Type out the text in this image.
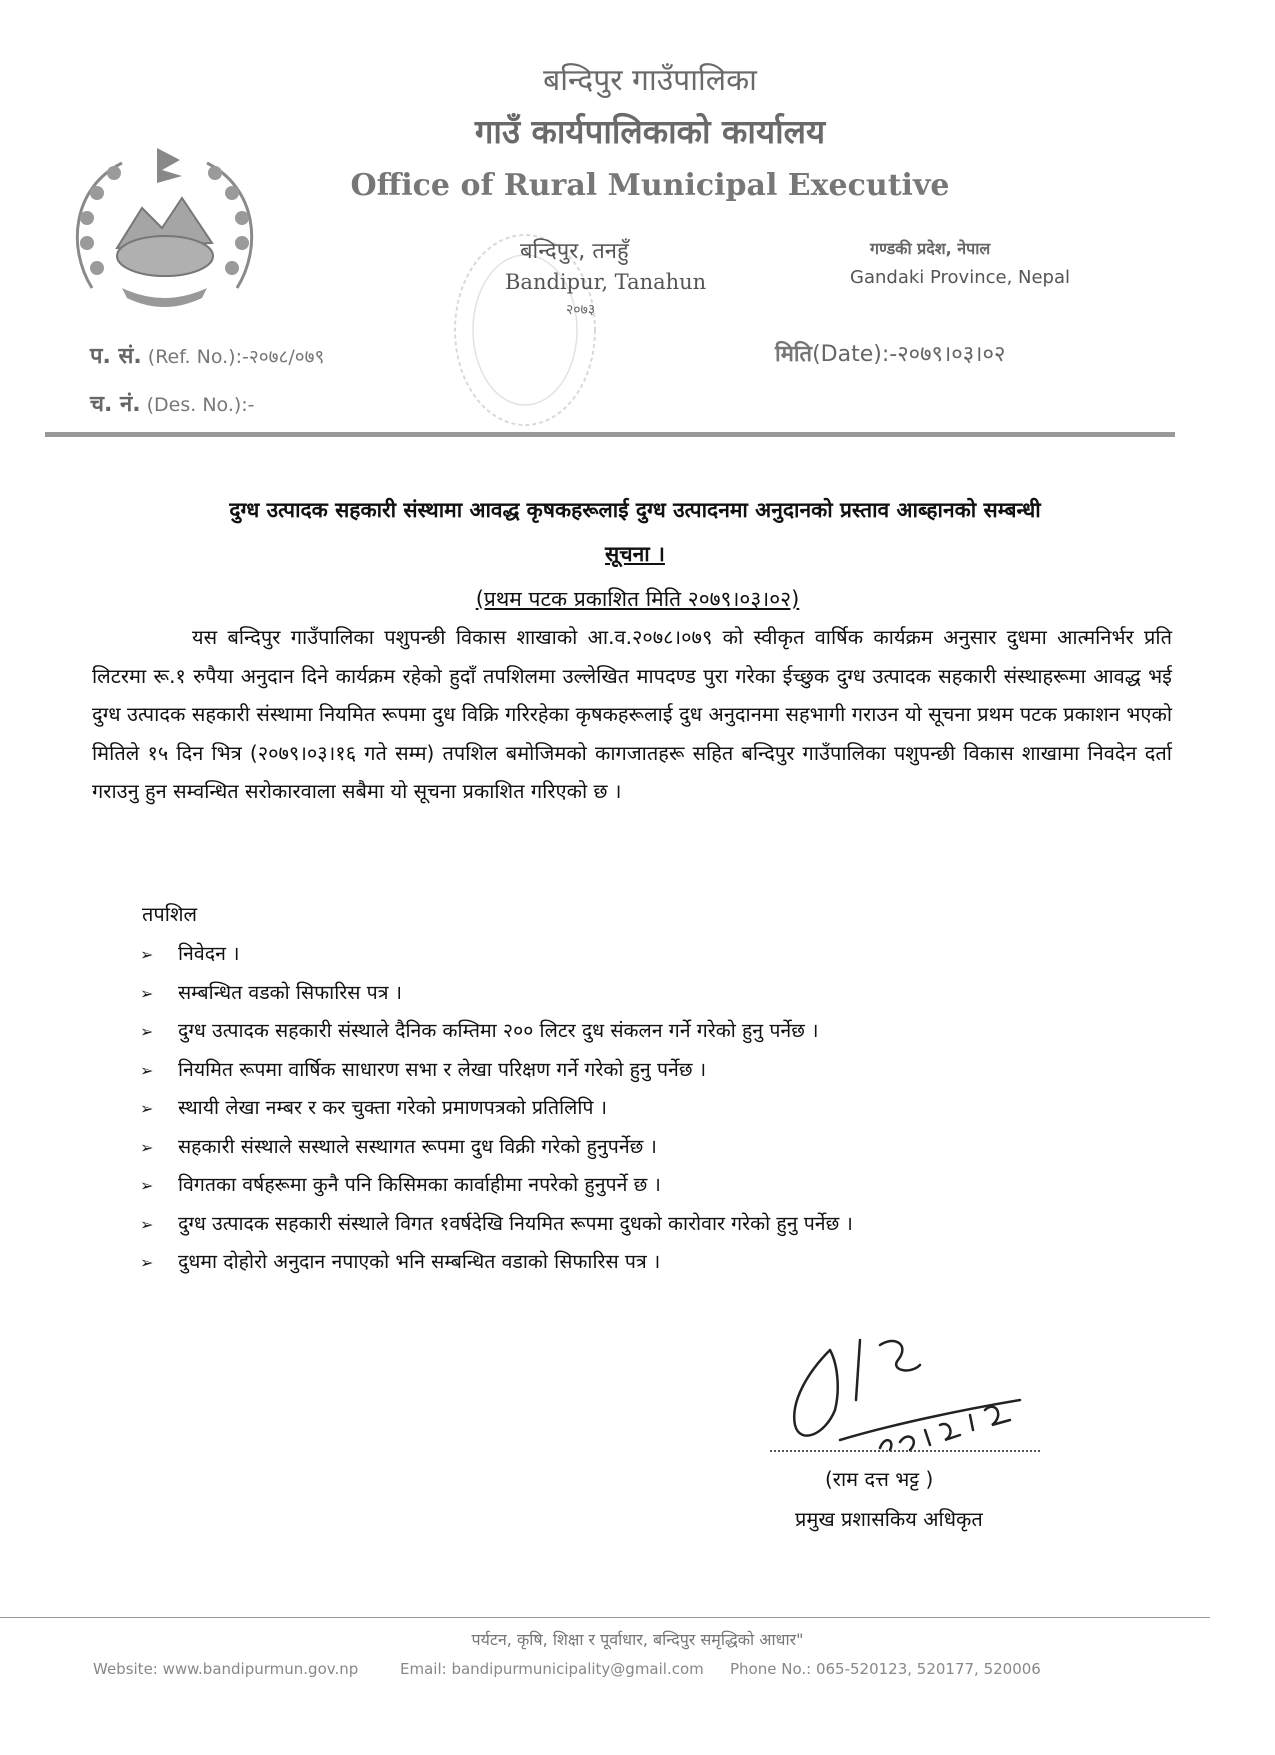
बन्दिपुर गाउँपालिका
गाउँ कार्यपालिकाको कार्यालय
Office of Rural Municipal Executive
बन्दिपुर, तनहुँ
Bandipur, Tanahun
२०७३
गण्डकी प्रदेश, नेपाल
Gandaki Province, Nepal
प. सं. (Ref. No.):-२०७८/०७९
च. नं. (Des. No.):-
मिति(Date):-२०७९।०३।०२
दुग्ध उत्पादक सहकारी संस्थामा आवद्ध कृषकहरूलाई दुग्ध उत्पादनमा अनुदानको प्रस्ताव आब्हानको सम्बन्धी
सूचना ।
(प्रथम पटक प्रकाशित मिति २०७९।०३।०२)
यस बन्दिपुर गाउँपालिका पशुपन्छी विकास शाखाको आ.व.२०७८।०७९ को स्वीकृत वार्षिक कार्यक्रम अनुसार दुधमा आत्मनिर्भर प्रति लिटरमा रू.१ रुपैया अनुदान दिने कार्यक्रम रहेको हुदाँ तपशिलमा उल्लेखित मापदण्ड पुरा गरेका ईच्छुक दुग्ध उत्पादक सहकारी संस्थाहरूमा आवद्ध भई दुग्ध उत्पादक सहकारी संस्थामा नियमित रूपमा दुध विक्रि गरिरहेका कृषकहरूलाई दुध अनुदानमा सहभागी गराउन यो सूचना प्रथम पटक प्रकाशन भएको मितिले १५ दिन भित्र (२०७९।०३।१६ गते सम्म) तपशिल बमोजिमको कागजातहरू सहित बन्दिपुर गाउँपालिका पशुपन्छी विकास शाखामा निवदेन दर्ता गराउनु हुन सम्वन्धित सरोकारवाला सबैमा यो सूचना प्रकाशित गरिएको छ ।
तपशिल
➢ निवेदन ।
➢ सम्बन्धित वडको सिफारिस पत्र ।
➢ दुग्ध उत्पादक सहकारी संस्थाले दैनिक कम्तिमा २०० लिटर दुध संकलन गर्ने गरेको हुनु पर्नेछ ।
➢ नियमित रूपमा वार्षिक साधारण सभा र लेखा परिक्षण गर्ने गरेको हुनु पर्नेछ ।
➢ स्थायी लेखा नम्बर र कर चुक्ता गरेको प्रमाणपत्रको प्रतिलिपि ।
➢ सहकारी संस्थाले सस्थाले सस्थागत रूपमा दुध विक्री गरेको हुनुपर्नेछ ।
➢ विगतका वर्षहरूमा कुनै पनि किसिमका कार्वाहीमा नपरेको हुनुपर्ने छ ।
➢ दुग्ध उत्पादक सहकारी संस्थाले विगत १वर्षदेखि नियमित रूपमा दुधको कारोवार गरेको हुनु पर्नेछ ।
➢ दुधमा दोहोरो अनुदान नपाएको भनि सम्बन्धित वडाको सिफारिस पत्र ।
(राम दत्त भट्ट )
प्रमुख प्रशासकिय अधिकृत
पर्यटन, कृषि, शिक्षा र पूर्वाधार, बन्दिपुर समृद्धिको आधार"
Website: www.bandipurmun.gov.np	Email: bandipurmunicipality@gmail.com Phone No.: 065-520123, 520177, 520006
